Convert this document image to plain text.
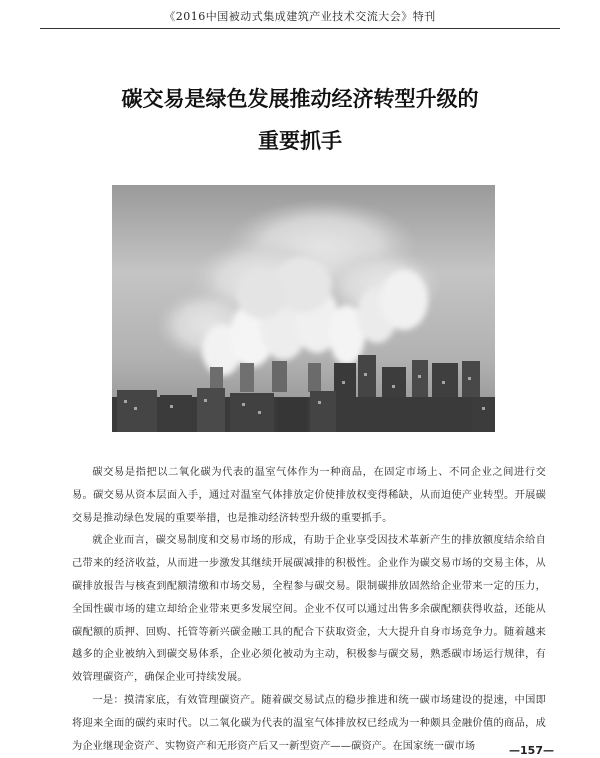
《2016中国被动式集成建筑产业技术交流大会》特刊
碳交易是绿色发展推动经济转型升级的
重要抓手

碳交易是指把以二氧化碳为代表的温室气体作为一种商品，在固定市场上、不同企业之间进行交易。碳交易从资本层面入手，通过对温室气体排放定价使排放权变得稀缺，从而迫使产业转型。开展碳交易是推动绿色发展的重要举措，也是推动经济转型升级的重要抓手。

就企业而言，碳交易制度和交易市场的形成，有助于企业享受因技术革新产生的排放额度结余给自己带来的经济收益，从而进一步激发其继续开展碳减排的积极性。企业作为碳交易市场的交易主体，从碳排放报告与核查到配额清缴和市场交易，全程参与碳交易。限制碳排放固然给企业带来一定的压力，全国性碳市场的建立却给企业带来更多发展空间。企业不仅可以通过出售多余碳配额获得收益，还能从碳配额的质押、回购、托管等新兴碳金融工具的配合下获取资金，大大提升自身市场竞争力。随着越来越多的企业被纳入到碳交易体系，企业必须化被动为主动，积极参与碳交易，熟悉碳市场运行规律，有效管理碳资产，确保企业可持续发展。

一是：摸清家底，有效管理碳资产。随着碳交易试点的稳步推进和统一碳市场建设的提速，中国即将迎来全面的碳约束时代。以二氧化碳为代表的温室气体排放权已经成为一种颇具金融价值的商品，成为企业继现金资产、实物资产和无形资产后又一新型资产——碳资产。在国家统一碳市场	—157—
